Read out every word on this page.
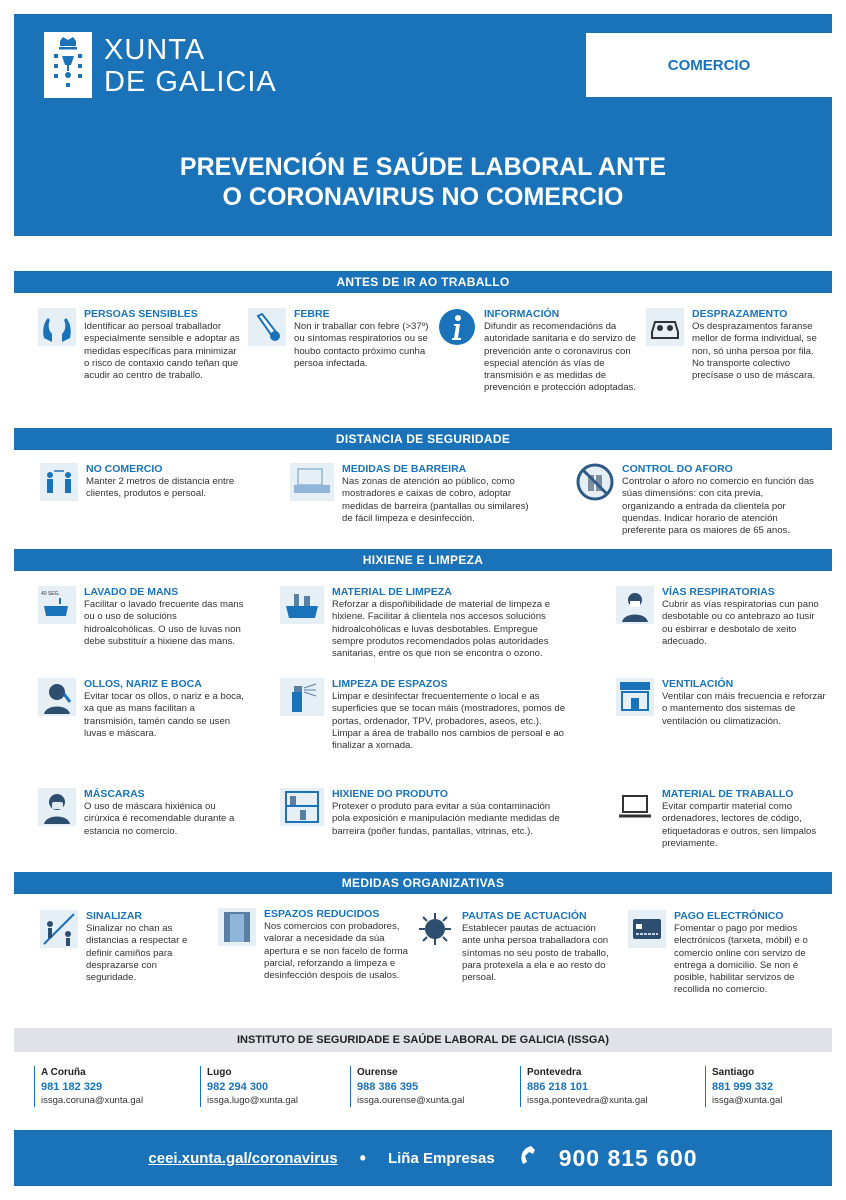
XUNTA
DE GALICIA
COMERCIO
PREVENCIÓN E SAÚDE LABORAL ANTE
O CORONAVIRUS NO COMERCIO
ANTES DE IR AO TRABALLO
PERSOAS SENSIBLES

Identificar ao persoal traballador especialmente sensible e adoptar as medidas específicas para minimizar o risco de contaxio cando teñan que acudir ao centro de traballo.

FEBRE

Non ir traballar con febre (>37º) ou síntomas respiratorios ou se houbo contacto próximo cunha persoa infectada.

INFORMACIÓN

Difundir as recomendacións da autoridade sanitaria e do servizo de prevención ante o coronavirus con especial atención ás vías de transmisión e as medidas de prevención e protección adoptadas.

DESPRAZAMENTO

Os desprazamentos faranse mellor de forma individual, se non, só unha persoa por fila. No transporte colectivo precísase o uso de máscara.

DISTANCIA DE SEGURIDADE
NO COMERCIO

Manter 2 metros de distancia entre clientes, produtos e persoal.

MEDIDAS DE BARREIRA

Nas zonas de atención ao público, como mostradores e caixas de cobro, adoptar medidas de barreira (pantallas ou similares) de fácil limpeza e desinfección.

CONTROL DO AFORO

Controlar o aforo no comercio en función das súas dimensións: con cita previa, organizando a entrada da clientela por quendas. Indicar horario de atención preferente para os maiores de 65 anos.

HIXIENE E LIMPEZA
40 SEG. LAVADO DE MANS

Facilitar o lavado frecuente das mans ou o uso de solucións hidroalcohólicas. O uso de luvas non debe substituír a hixiene das mans.

MATERIAL DE LIMPEZA

Reforzar a dispoñibilidade de material de limpeza e hixiene. Facilitar á clientela nos accesos solucións hidroalcohólicas e luvas desbotables. Empregue sempre produtos recomendados polas autoridades sanitarias, entre os que non se encontra o ozono.

VÍAS RESPIRATORIAS

Cubrir as vías respiratorias cun pano desbotable ou co antebrazo ao tusir ou esbirrar e desbotalo de xeito adecuado.

OLLOS, NARIZ E BOCA

Evitar tocar os ollos, o nariz e a boca, xa que as mans facilitan a transmisión, tamén cando se usen luvas e máscara.

LIMPEZA DE ESPAZOS

Limpar e desinfectar frecuentemente o local e as superficies que se tocan máis (mostradores, pomos de portas, ordenador, TPV, probadores, aseos, etc.). Limpar a área de traballo nos cambios de persoal e ao finalizar a xornada.

VENTILACIÓN

Ventilar con máis frecuencia e reforzar o mantemento dos sistemas de ventilación ou climatización.

MÁSCARAS

O uso de máscara hixiénica ou cirúrxica é recomendable durante a estancia no comercio.

HIXIENE DO PRODUTO

Protexer o produto para evitar a súa contaminación pola exposición e manipulación mediante medidas de barreira (poñer fundas, pantallas, vitrinas, etc.).

MATERIAL DE TRABALLO

Evitar compartir material como ordenadores, lectores de código, etiquetadoras e outros, sen limpalos previamente.

MEDIDAS ORGANIZATIVAS
SINALIZAR

Sinalizar no chan as distancias a respectar e definir camiños para desprazarse con seguridade.

ESPAZOS REDUCIDOS

Nos comercios con probadores, valorar a necesidade da súa apertura e se non facelo de forma parcial, reforzando a limpeza e desinfección despois de usalos.

PAUTAS DE ACTUACIÓN

Establecer pautas de actuación ante unha persoa traballadora con síntomas no seu posto de traballo, para protexela a ela e ao resto do persoal.

PAGO ELECTRÓNICO

Fomentar o pago por medios electrónicos (tarxeta, móbil) e o comercio online con servizo de entrega a domicilio. Se non é posible, habilitar servizos de recollida no comercio.

INSTITUTO DE SEGURIDADE E SAÚDE LABORAL DE GALICIA (ISSGA)
A Coruña
981 182 329
issga.coruna@xunta.gal
Lugo
982 294 300
issga.lugo@xunta.gal
Ourense
988 386 395
issga.ourense@xunta.gal
Pontevedra
886 218 101
issga.pontevedra@xunta.gal
Santiago
881 999 332
issga@xunta.gal
ceei.xunta.gal/coronavirus • Liña Empresas	900 815 600
